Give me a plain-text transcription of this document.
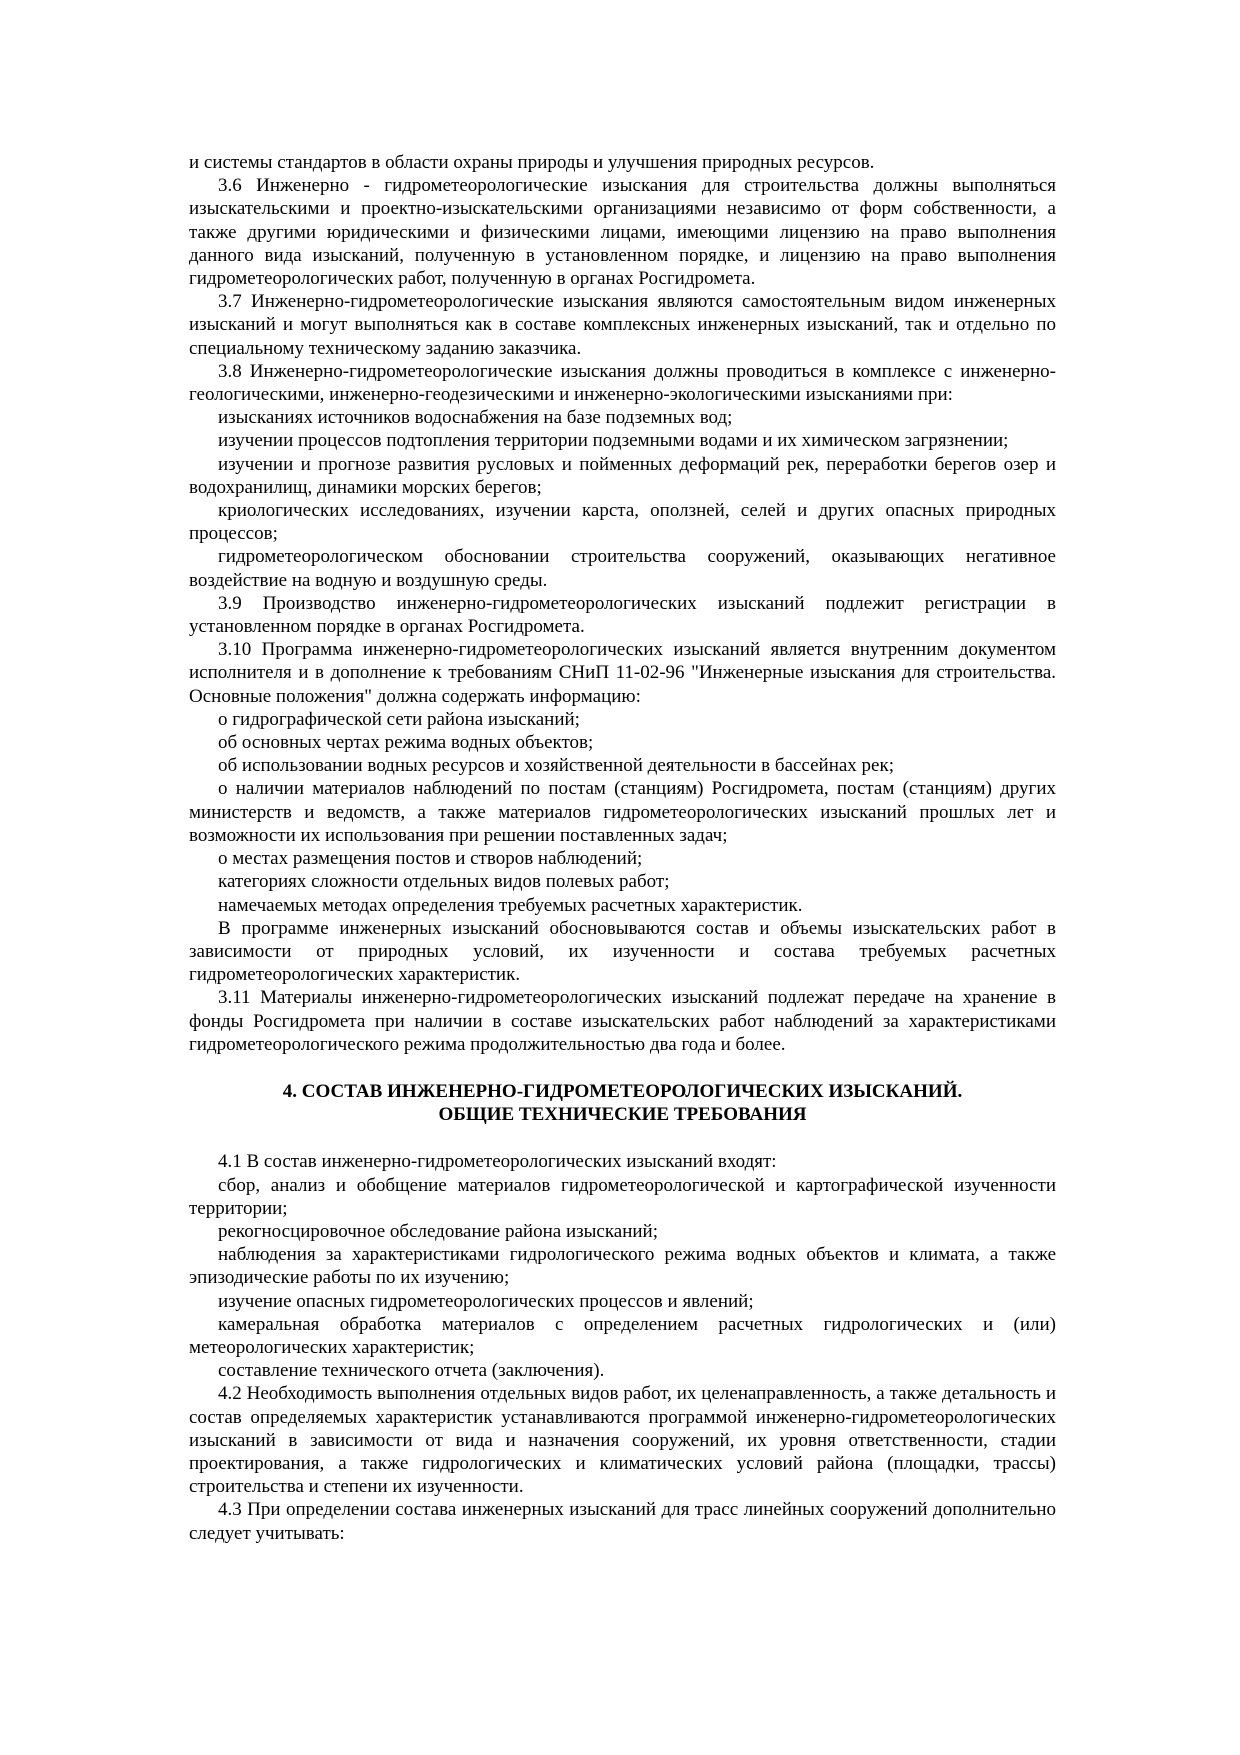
и системы стандартов в области охраны природы и улучшения природных ресурсов.

3.6 Инженерно - гидрометеорологические изыскания для строительства должны выполняться изыскательскими и проектно-изыскательскими организациями независимо от форм собственности, а также другими юридическими и физическими лицами, имеющими лицензию на право выполнения данного вида изысканий, полученную в установленном порядке, и лицензию на право выполнения гидрометеорологических работ, полученную в органах Росгидромета.

3.7 Инженерно-гидрометеорологические изыскания являются самостоятельным видом инженерных изысканий и могут выполняться как в составе комплексных инженерных изысканий, так и отдельно по специальному техническому заданию заказчика.

3.8 Инженерно-гидрометеорологические изыскания должны проводиться в комплексе с инженерно-геологическими, инженерно-геодезическими и инженерно-экологическими изысканиями при:

изысканиях источников водоснабжения на базе подземных вод;

изучении процессов подтопления территории подземными водами и их химическом загрязнении;

изучении и прогнозе развития русловых и пойменных деформаций рек, переработки берегов озер и водохранилищ, динамики морских берегов;

криологических исследованиях, изучении карста, оползней, селей и других опасных природных процессов;

гидрометеорологическом обосновании строительства сооружений, оказывающих негативное воздействие на водную и воздушную среды.

3.9 Производство инженерно-гидрометеорологических изысканий подлежит регистрации в установленном порядке в органах Росгидромета.

3.10 Программа инженерно-гидрометеорологических изысканий является внутренним документом исполнителя и в дополнение к требованиям СНиП 11-02-96 "Инженерные изыскания для строительства. Основные положения" должна содержать информацию:

о гидрографической сети района изысканий;

об основных чертах режима водных объектов;

об использовании водных ресурсов и хозяйственной деятельности в бассейнах рек;

о наличии материалов наблюдений по постам (станциям) Росгидромета, постам (станциям) других министерств и ведомств, а также материалов гидрометеорологических изысканий прошлых лет и возможности их использования при решении поставленных задач;

о местах размещения постов и створов наблюдений;

категориях сложности отдельных видов полевых работ;

намечаемых методах определения требуемых расчетных характеристик.

В программе инженерных изысканий обосновываются состав и объемы изыскательских работ в зависимости от природных условий, их изученности и состава требуемых расчетных гидрометеорологических характеристик.

3.11 Материалы инженерно-гидрометеорологических изысканий подлежат передаче на хранение в фонды Росгидромета при наличии в составе изыскательских работ наблюдений за характеристиками гидрометеорологического режима продолжительностью два года и более.

4. СОСТАВ ИНЖЕНЕРНО-ГИДРОМЕТЕОРОЛОГИЧЕСКИХ ИЗЫСКАНИЙ.
ОБЩИЕ ТЕХНИЧЕСКИЕ ТРЕБОВАНИЯ

4.1 В состав инженерно-гидрометеорологических изысканий входят:

сбор, анализ и обобщение материалов гидрометеорологической и картографической изученности территории;

рекогносцировочное обследование района изысканий;

наблюдения за характеристиками гидрологического режима водных объектов и климата, а также эпизодические работы по их изучению;

изучение опасных гидрометеорологических процессов и явлений;

камеральная обработка материалов с определением расчетных гидрологических и (или) метеорологических характеристик;

составление технического отчета (заключения).

4.2 Необходимость выполнения отдельных видов работ, их целенаправленность, а также детальность и состав определяемых характеристик устанавливаются программой инженерно-гидрометеорологических изысканий в зависимости от вида и назначения сооружений, их уровня ответственности, стадии проектирования, а также гидрологических и климатических условий района (площадки, трассы) строительства и степени их изученности.

4.3 При определении состава инженерных изысканий для трасс линейных сооружений дополнительно следует учитывать:
